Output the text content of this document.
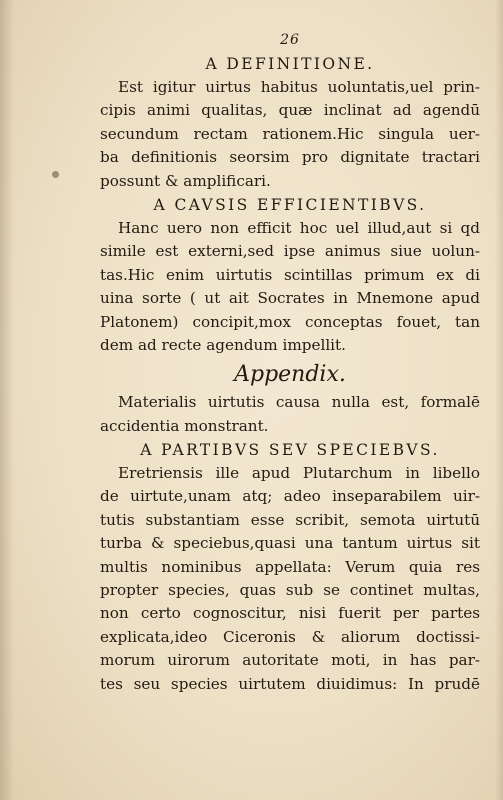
26
A DEFINITIONE.
Est igitur uirtus habitus uoluntatis,uel prin-
cipis animi qualitas, quæ inclinat ad agendū
secundum rectam rationem.Hic singula uer-
ba definitionis seorsim pro dignitate tractari
possunt & amplificari.
A CAVSIS EFFICIENTIBVS.
Hanc uero non efficit hoc uel illud,aut si qd
simile est externi,sed ipse animus siue uolun-
tas.Hic enim uirtutis scintillas primum ex di
uina sorte ( ut ait Socrates in Mnemone apud
Platonem) concipit,mox conceptas fouet, tan
dem ad recte agendum impellit.
Appendix.
Materialis uirtutis causa nulla est, formalē
accidentia monstrant.
A PARTIBVS SEV SPECIEBVS.
Eretriensis ille apud Plutarchum in libello
de uirtute,unam atq; adeo inseparabilem uir-
tutis substantiam esse scribit, semota uirtutū
turba & speciebus,quasi una tantum uirtus sit
multis nominibus appellata: Verum quia res
propter species, quas sub se continet multas,
non certo cognoscitur, nisi fuerit per partes
explicata,ideo Ciceronis & aliorum doctissi-
morum uirorum autoritate moti, in has par-
tes seu species uirtutem diuidimus: In prudē
